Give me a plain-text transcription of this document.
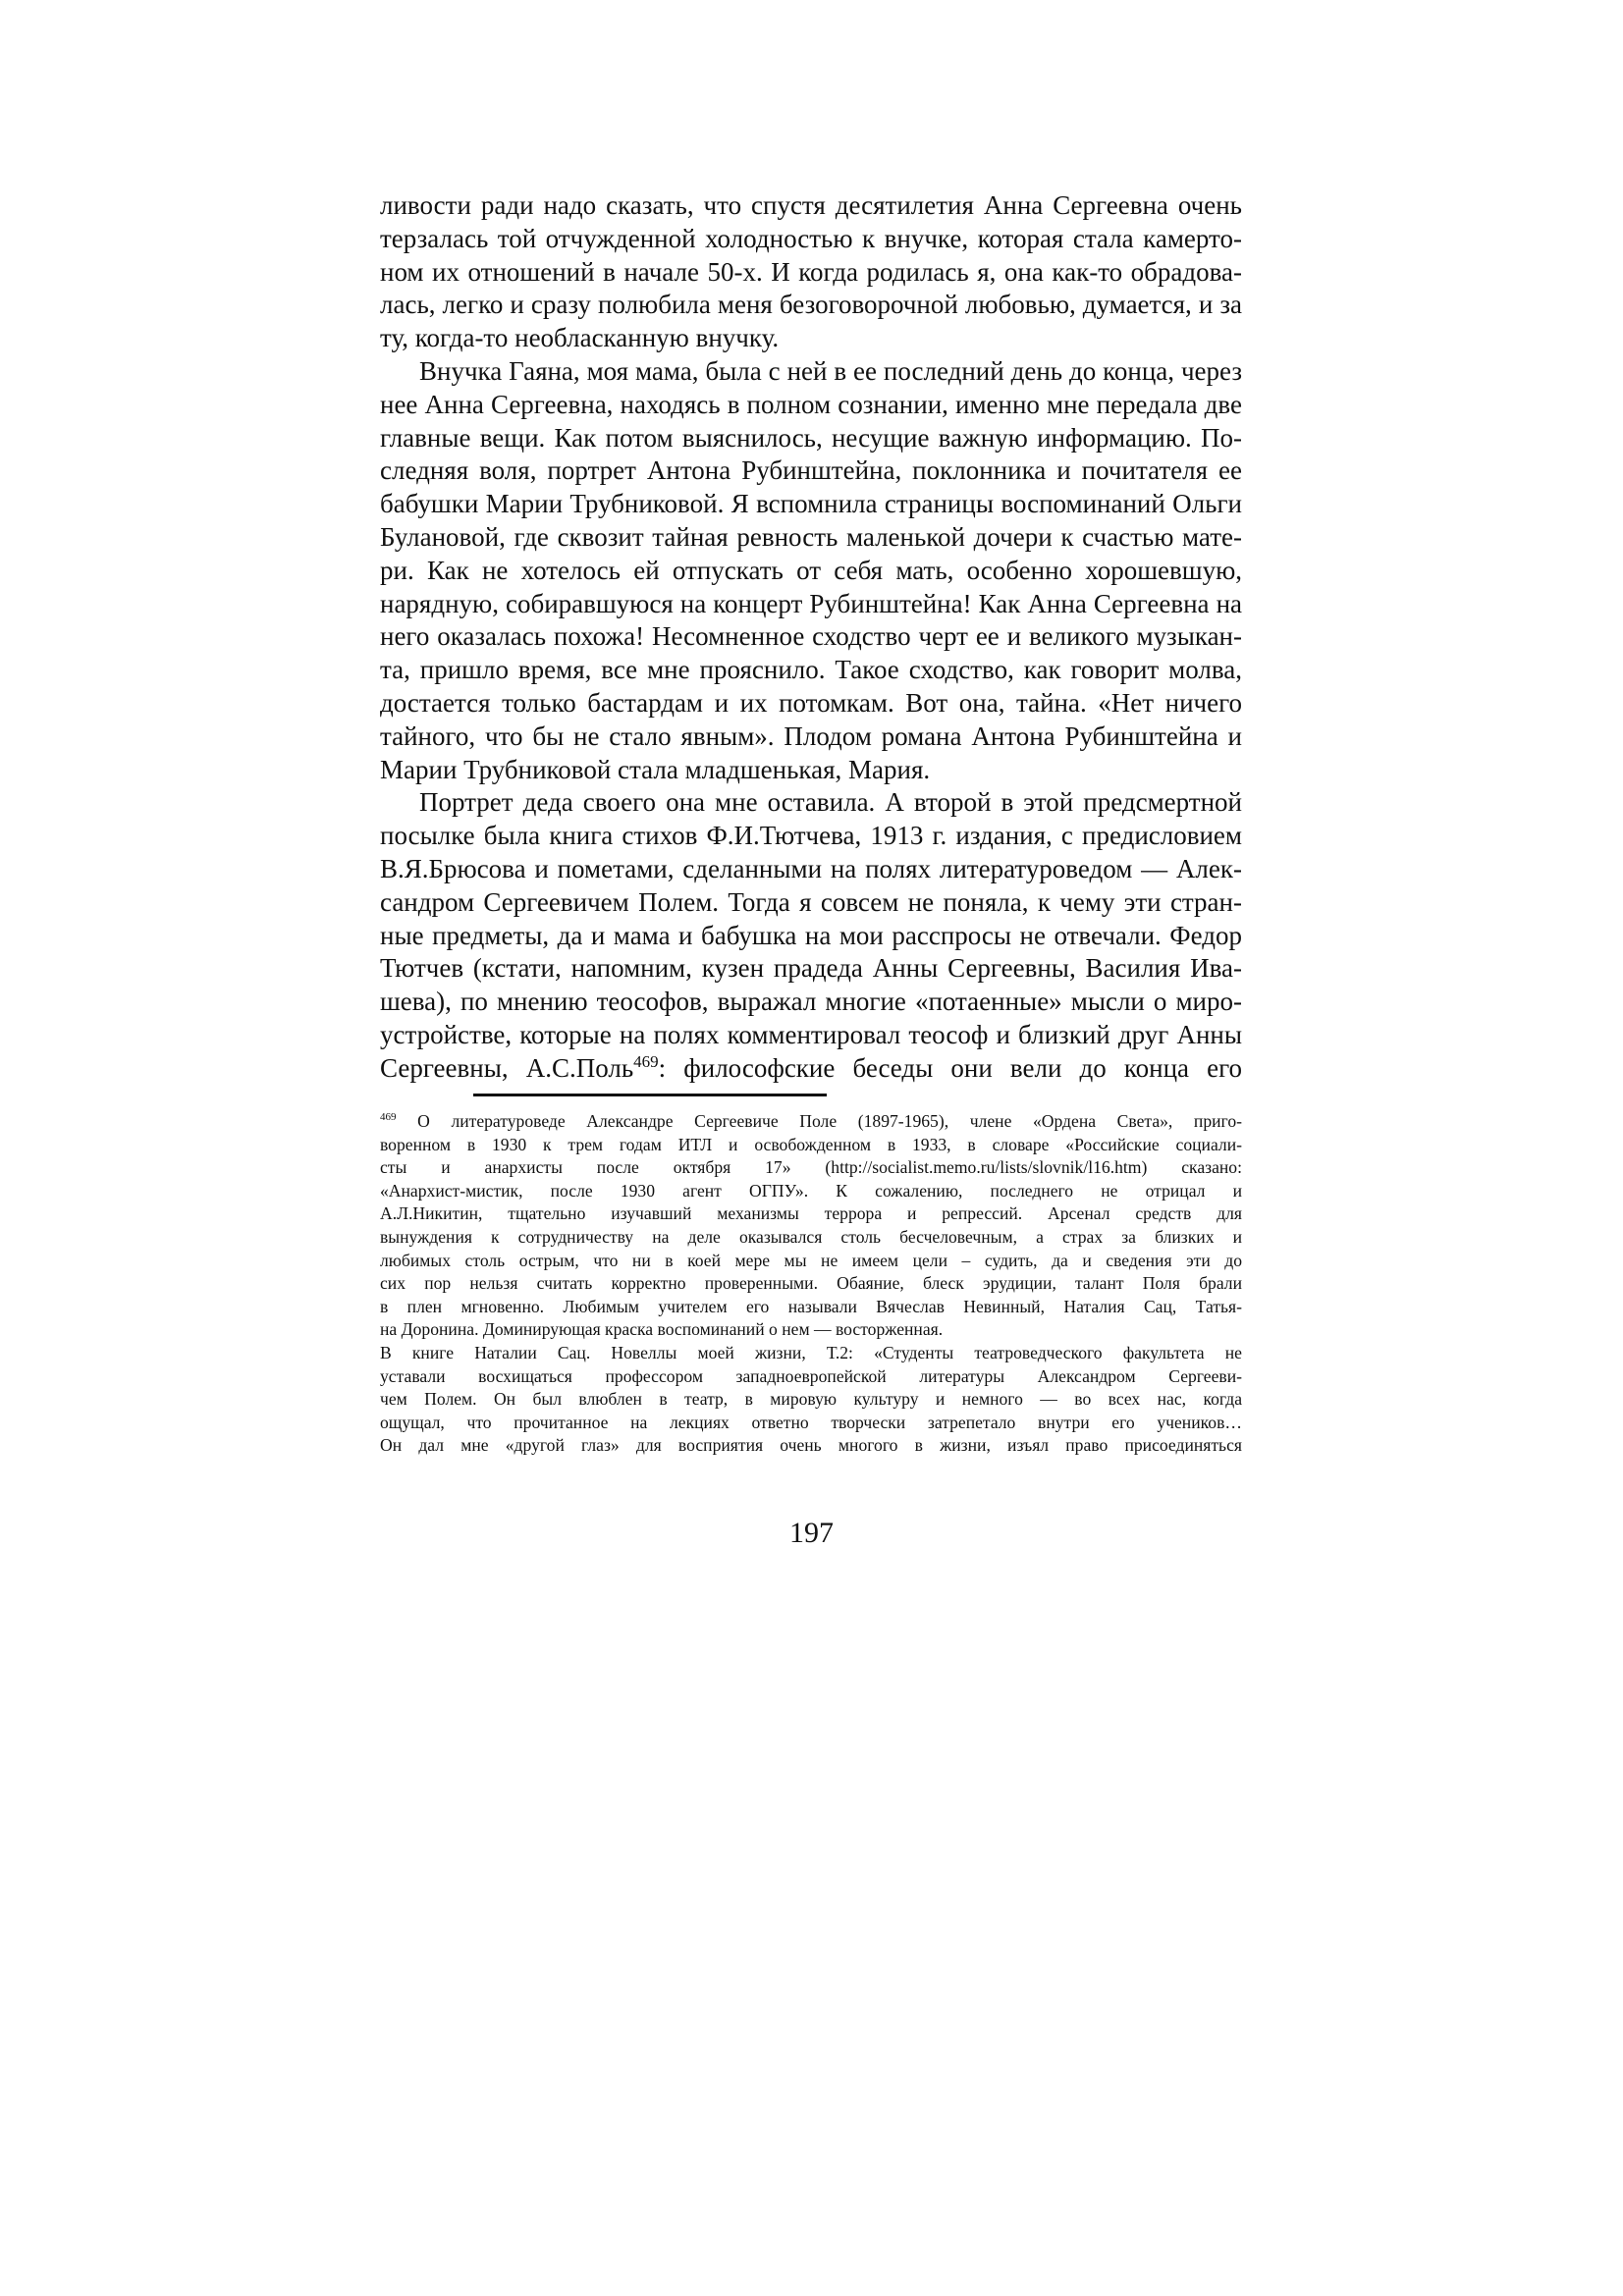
ливости ради надо сказать, что спустя десятилетия Анна Сергеевна очень
терзалась той отчужденной холодностью к внучке, которая стала камерто-
ном их отношений в начале 50-х. И когда родилась я, она как-то обрадова-
лась, легко и сразу полюбила меня безоговорочной любовью, думается, и за
ту, когда-то необласканную внучку.
Внучка Гаяна, моя мама, была с ней в ее последний день до конца, через
нее Анна Сергеевна, находясь в полном сознании, именно мне передала две
главные вещи. Как потом выяснилось, несущие важную информацию. По-
следняя воля, портрет Антона Рубинштейна, поклонника и почитателя ее
бабушки Марии Трубниковой. Я вспомнила страницы воспоминаний Ольги
Булановой, где сквозит тайная ревность маленькой дочери к счастью мате-
ри. Как не хотелось ей отпускать от себя мать, особенно хорошевшую,
нарядную, собиравшуюся на концерт Рубинштейна! Как Анна Сергеевна на
него оказалась похожа! Несомненное сходство черт ее и великого музыкан-
та, пришло время, все мне прояснило. Такое сходство, как говорит молва,
достается только бастардам и их потомкам. Вот она, тайна. «Нет ничего
тайного, что бы не стало явным». Плодом романа Антона Рубинштейна и
Марии Трубниковой стала младшенькая, Мария.
Портрет деда своего она мне оставила. А второй в этой предсмертной
посылке была книга стихов Ф.И.Тютчева, 1913 г. издания, с предисловием
В.Я.Брюсова и пометами, сделанными на полях литературоведом — Алек-
сандром Сергеевичем Полем. Тогда я совсем не поняла, к чему эти стран-
ные предметы, да и мама и бабушка на мои расспросы не отвечали. Федор
Тютчев (кстати, напомним, кузен прадеда Анны Сергеевны, Василия Ива-
шева), по мнению теософов, выражал многие «потаенные» мысли о миро-
устройстве, которые на полях комментировал теософ и близкий друг Анны
Сергеевны, А.С.Поль$^{469}$: философские беседы они вели до конца его
$^{469}$ О литературоведе Александре Сергеевиче Поле (1897-1965), члене «Ордена Света», приго-
воренном в 1930 к трем годам ИТЛ и освобожденном в 1933, в словаре «Российские социали-
сты и анархисты после октября 17» (http://socialist.memo.ru/lists/slovnik/l16.htm) сказано:
«Анархист-мистик, после 1930 агент ОГПУ». К сожалению, последнего не отрицал и
А.Л.Никитин, тщательно изучавший механизмы террора и репрессий. Арсенал средств для
вынуждения к сотрудничеству на деле оказывался столь бесчеловечным, а страх за близких и
любимых столь острым, что ни в коей мере мы не имеем цели – судить, да и сведения эти до
сих пор нельзя считать корректно проверенными. Обаяние, блеск эрудиции, талант Поля брали
в плен мгновенно. Любимым учителем его называли Вячеслав Невинный, Наталия Сац, Татья-
на Доронина. Доминирующая краска воспоминаний о нем — восторженная.
В книге Наталии Сац. Новеллы моей жизни, Т.2: «Студенты театроведческого факультета не
уставали восхищаться профессором западноевропейской литературы Александром Сергееви-
чем Полем. Он был влюблен в театр, в мировую культуру и немного — во всех нас, когда
ощущал, что прочитанное на лекциях ответно творчески затрепетало внутри его учеников…
Он дал мне «другой глаз» для восприятия очень многого в жизни, изъял право присоединяться
197
